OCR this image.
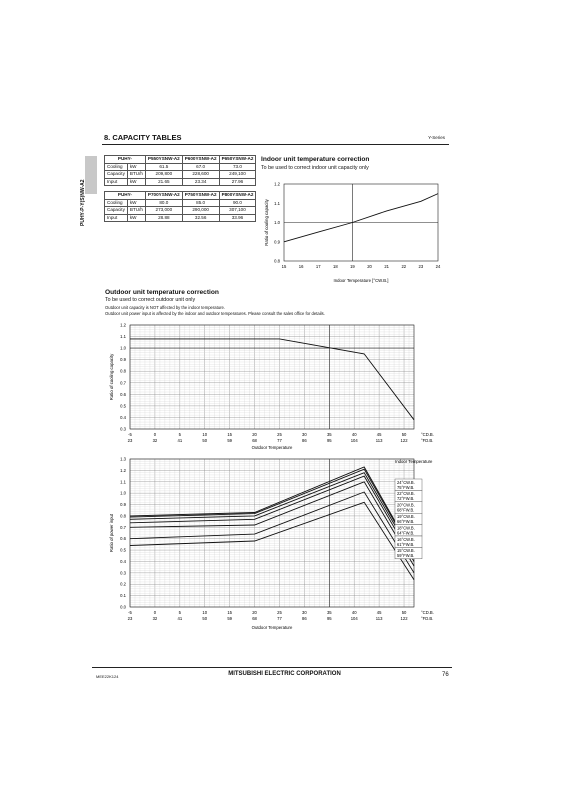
8. CAPACITY TABLES	Y-Series
PUHY-P-Y(S)NW-A2
PUHY-		P550YSNW-A2	P600YSNW-A2	P650YSNW-A2
Cooling	kW	61.5	67.0	73.0
Capacity	BTU/h	209,800	228,600	249,100
Input	kW	21.65	23.34	27.96
PUHY-		P700YSNW-A2	P750YSNW-A2	P800YSNW-A2
Cooling	kW	80.0	85.0	90.0
Capacity	BTU/h	273,000	290,000	307,100
Input	kW	28.88	32.56	33.96
Indoor unit temperature correction
To be used to correct indoor unit capacity only
Outdoor unit temperature correction
To be used to correct outdoor unit only
Outdoor unit capacity is NOT affected by the indoor temperature.
Outdoor unit power input is affected by the indoor and outdoor temperatures. Please consult the sales office for details.
0.8
0.9
1.0
1.1
1.2
15	16	17	18	19	20	21	22	23	24
Indoor Temperature [°CW.B.]
Ratio of cooling capacity
0.3
0.4
0.5
0.6
0.7
0.8
0.9
1.0
1.1
1.2
-5	0	5	10	15	20	25	30	35	40	45	50
23	32	41	50	59	68	77	86	95	104	113	122
°CD.B.
°FD.B.
Outdoor Temperature
Ratio of cooling capacity
0.0
0.1
0.2
0.3
0.4
0.5
0.6
0.7
0.8
0.9
1.0
1.1
1.2
1.3
-5	0	5	10	15	20	25	30	35	40	45	50
23	32	41	50	59	68	77	86	95	104	113	122
°CD.B.
°FD.B.
Outdoor Temperature
Ratio of power input
Indoor Temperature
24°CW.B.
75°FW.B.
22°CW.B.
72°FW.B.
20°CW.B.
68°FW.B.
19°CW.B.
66°FW.B.
18°CW.B.
64°FW.B.
16°CW.B.
61°FW.B.
15°CW.B.
59°FW.B.
MEE22K124	MITSUBISHI ELECTRIC CORPORATION	76
